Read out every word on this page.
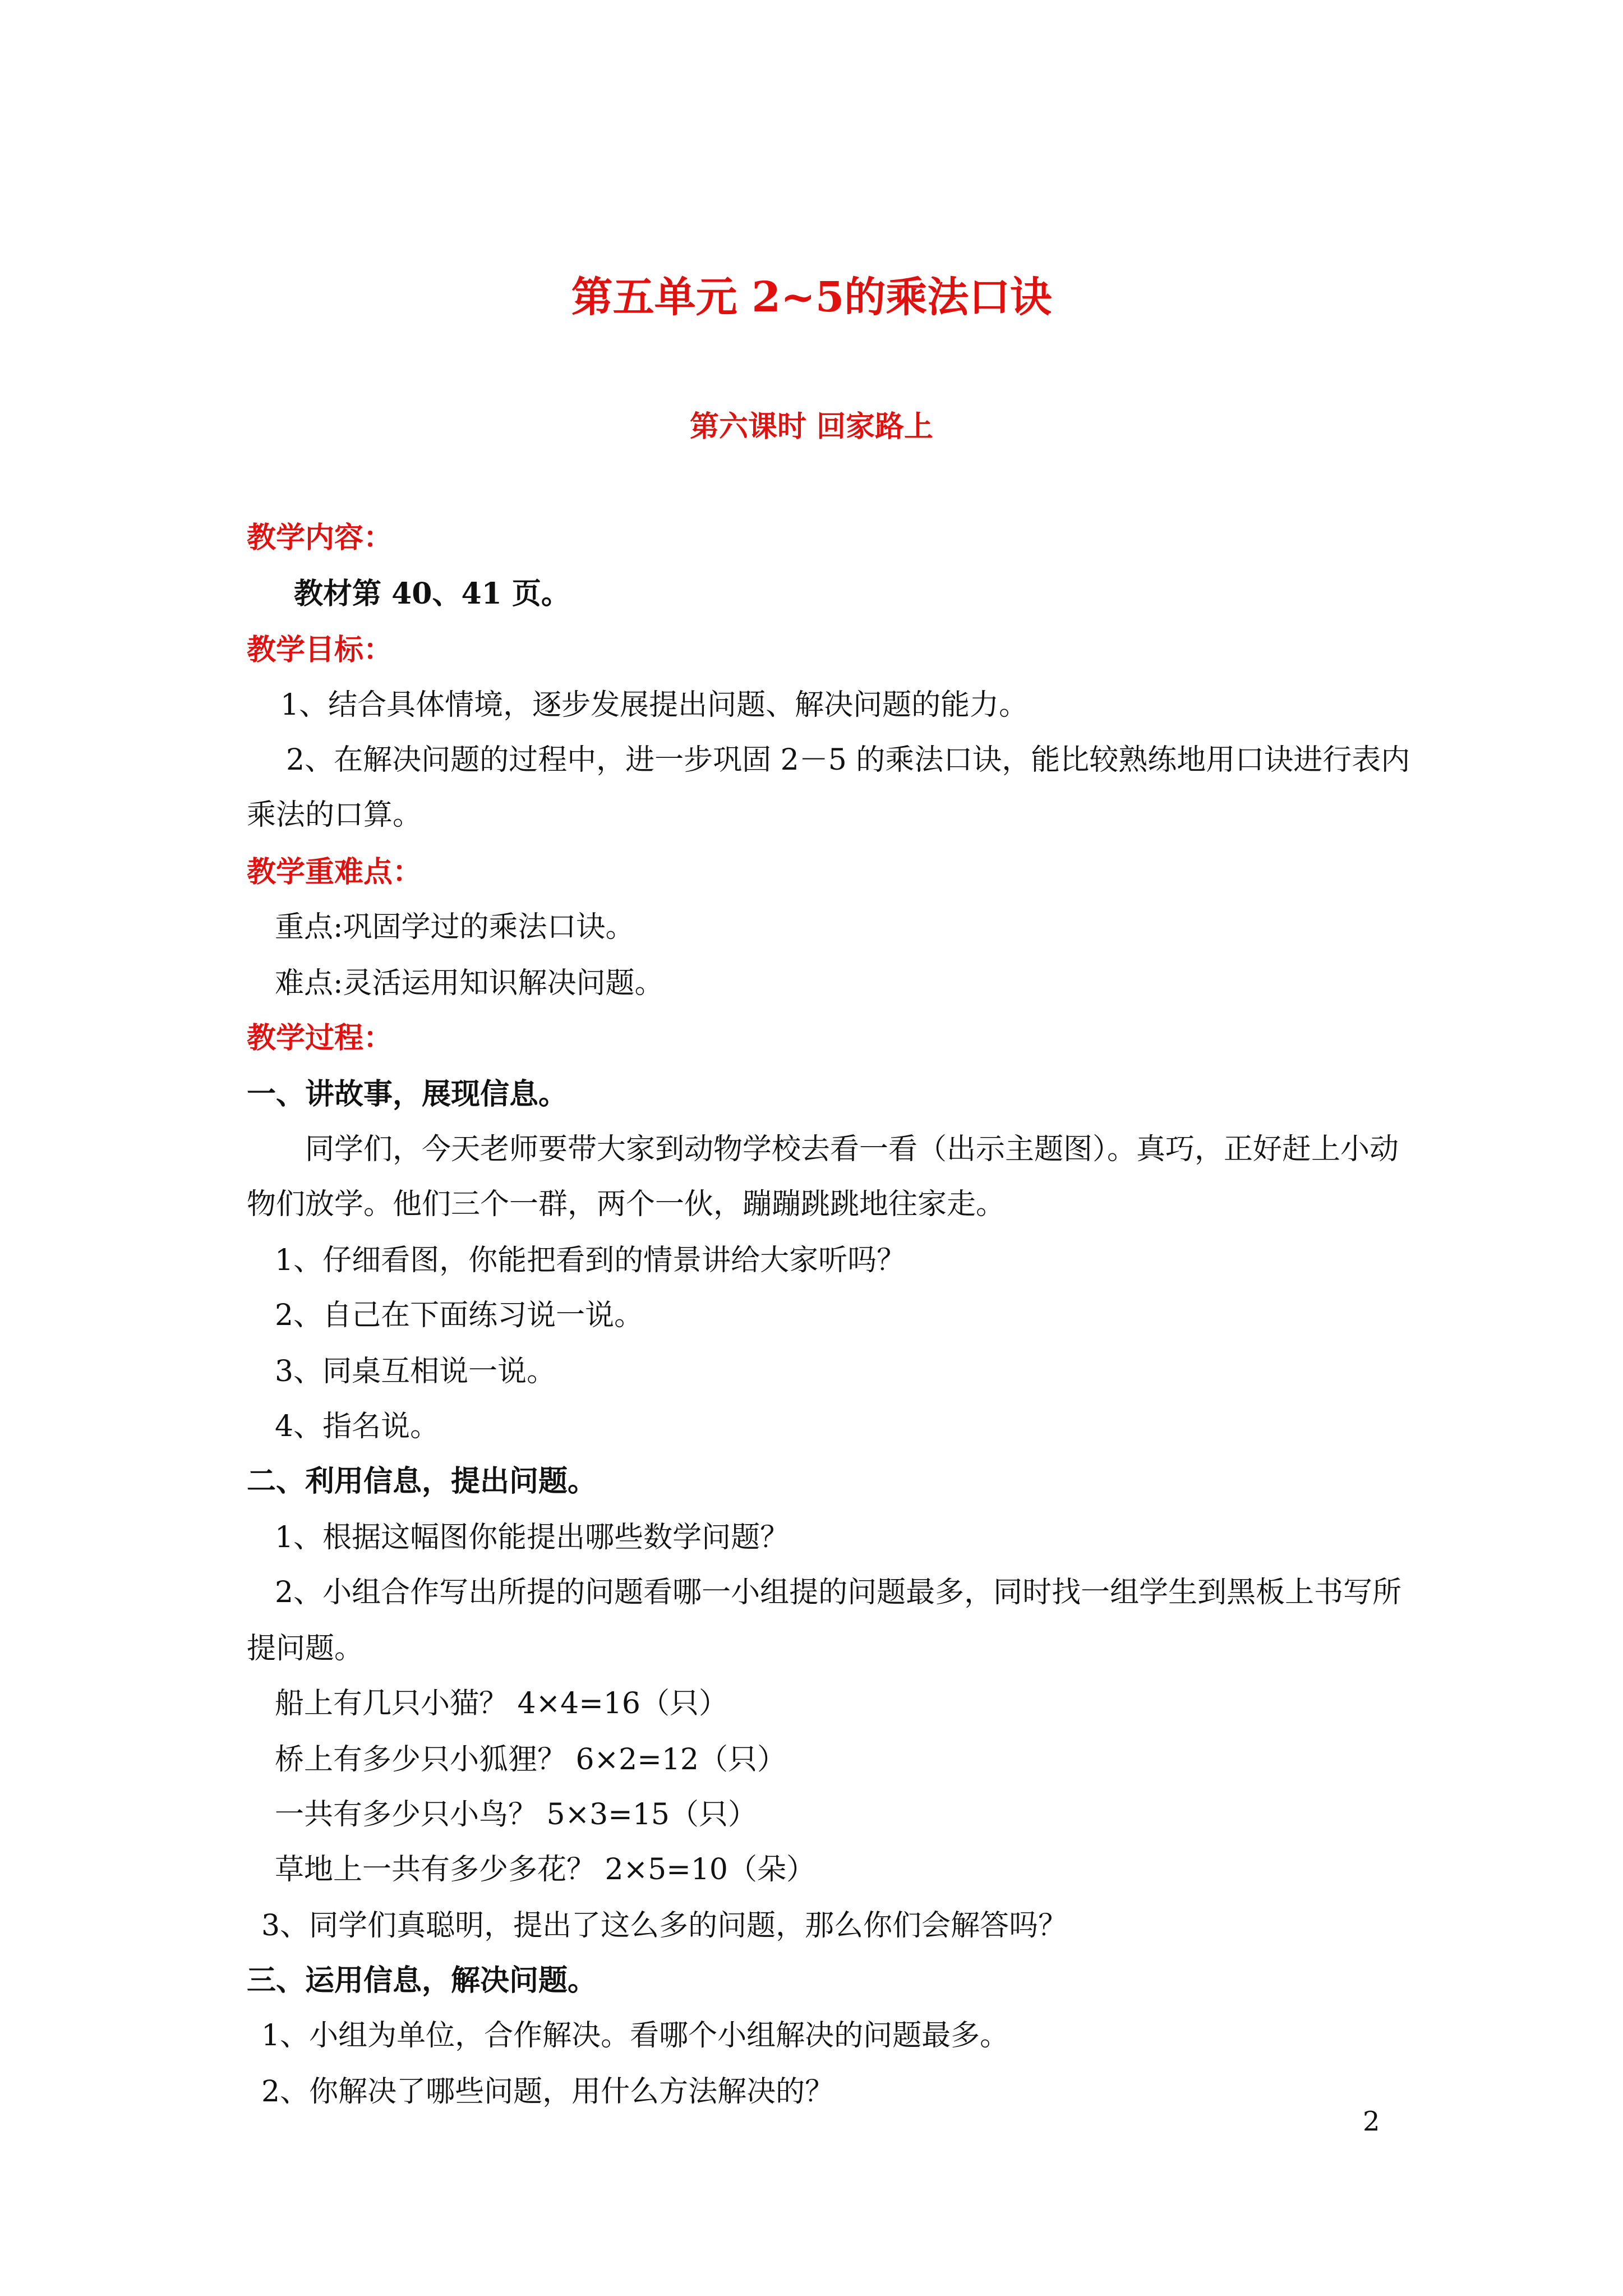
第五单元 2~5的乘法口诀
第六课时 回家路上
教学内容：
教材第 40、41 页。
教学目标：
1、结合具体情境，逐步发展提出问题、解决问题的能力。
2、在解决问题的过程中，进一步巩固 2－5 的乘法口诀，能比较熟练地用口诀进行表内
乘法的口算。
教学重难点：
重点:巩固学过的乘法口诀。
难点:灵活运用知识解决问题。
教学过程：
一、讲故事，展现信息。
同学们，今天老师要带大家到动物学校去看一看（出示主题图）。真巧，正好赶上小动
物们放学。他们三个一群，两个一伙，蹦蹦跳跳地往家走。
1、仔细看图，你能把看到的情景讲给大家听吗？
2、自己在下面练习说一说。
3、同桌互相说一说。
4、指名说。
二、利用信息，提出问题。
1、根据这幅图你能提出哪些数学问题？
2、小组合作写出所提的问题看哪一小组提的问题最多，同时找一组学生到黑板上书写所
提问题。
船上有几只小猫？ 4×4=16（只）
桥上有多少只小狐狸？ 6×2=12（只）
一共有多少只小鸟？ 5×3=15（只）
草地上一共有多少多花？ 2×5=10（朵）
3、同学们真聪明，提出了这么多的问题，那么你们会解答吗？
三、运用信息，解决问题。
1、小组为单位，合作解决。看哪个小组解决的问题最多。
2、你解决了哪些问题，用什么方法解决的？
2
